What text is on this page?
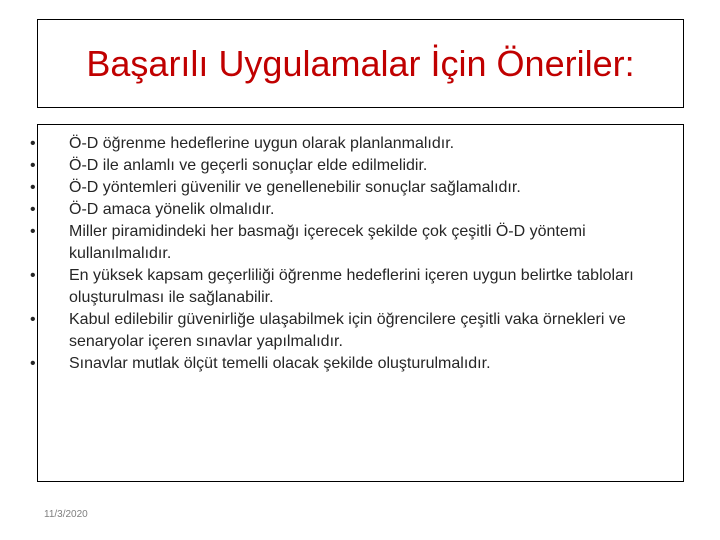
Başarılı Uygulamalar İçin Öneriler:
• Ö-D öğrenme hedeflerine uygun olarak planlanmalıdır.
• Ö-D ile anlamlı ve geçerli sonuçlar elde edilmelidir.
• Ö-D yöntemleri güvenilir ve genellenebilir sonuçlar sağlamalıdır.
• Ö-D amaca yönelik olmalıdır.
• Miller piramidindeki her basmağı içerecek şekilde çok çeşitli Ö-D yöntemi kullanılmalıdır.
• En yüksek kapsam geçerliliği öğrenme hedeflerini içeren uygun belirtke tabloları oluşturulması ile sağlanabilir.
• Kabul edilebilir güvenirliğe ulaşabilmek için öğrencilere çeşitli vaka örnekleri ve senaryolar içeren sınavlar yapılmalıdır.
• Sınavlar mutlak ölçüt temelli olacak şekilde oluşturulmalıdır.
11/3/2020
